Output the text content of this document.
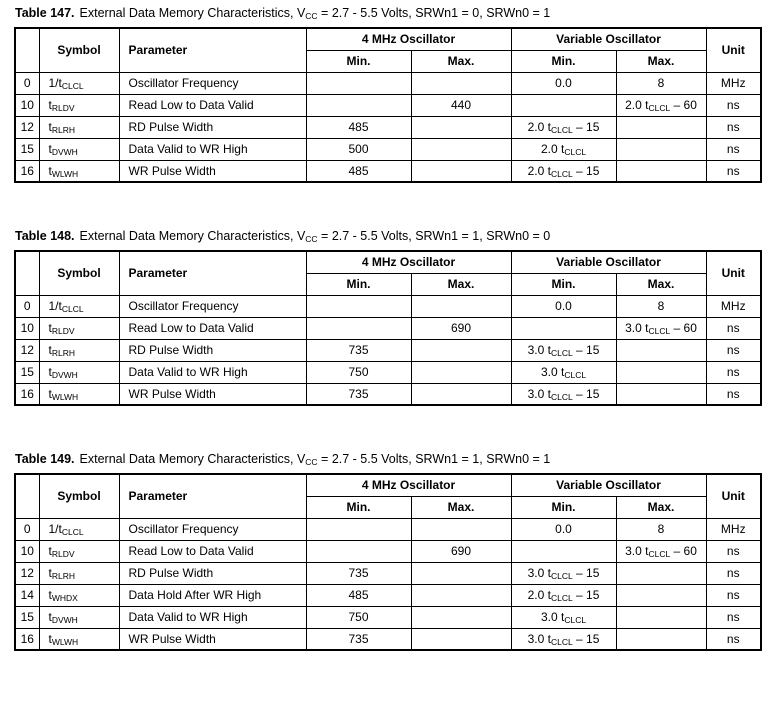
Table 147. External Data Memory Characteristics, $V_{CC} = 2.7 - 5.5$ Volts, SRWn1 = 0, SRWn0 = 1

	Symbol	Parameter	4 MHz Oscillator		Variable Oscillator		Unit
			Min.	Max.	Min.	Max.	
0	$1/t_{CLCL}$	Oscillator Frequency			0.0	8	MHz
10	$t_{RLDV}$	Read Low to Data Valid		440		2.0 $t_{CLCL} - 60$	ns
12	$t_{RLRH}$	RD Pulse Width	485		2.0 $t_{CLCL} - 15$		ns
15	$t_{DVWH}$	Data Valid to WR High	500		2.0 $t_{CLCL}$		ns
16	$t_{WLWH}$	WR Pulse Width	485		2.0 $t_{CLCL} - 15$		ns

Table 148. External Data Memory Characteristics, $V_{CC} = 2.7 - 5.5$ Volts, SRWn1 = 1, SRWn0 = 0

	Symbol	Parameter	4 MHz Oscillator		Variable Oscillator		Unit
			Min.	Max.	Min.	Max.	
0	$1/t_{CLCL}$	Oscillator Frequency			0.0	8	MHz
10	$t_{RLDV}$	Read Low to Data Valid		690		3.0 $t_{CLCL} - 60$	ns
12	$t_{RLRH}$	RD Pulse Width	735		3.0 $t_{CLCL} - 15$		ns
15	$t_{DVWH}$	Data Valid to WR High	750		3.0 $t_{CLCL}$		ns
16	$t_{WLWH}$	WR Pulse Width	735		3.0 $t_{CLCL} - 15$		ns

Table 149. External Data Memory Characteristics, $V_{CC} = 2.7 - 5.5$ Volts, SRWn1 = 1, SRWn0 = 1

	Symbol	Parameter	4 MHz Oscillator		Variable Oscillator		Unit
			Min.	Max.	Min.	Max.	
0	$1/t_{CLCL}$	Oscillator Frequency			0.0	8	MHz
10	$t_{RLDV}$	Read Low to Data Valid		690		3.0 $t_{CLCL} - 60$	ns
12	$t_{RLRH}$	RD Pulse Width	735		3.0 $t_{CLCL} - 15$		ns
14	$t_{WHDX}$	Data Hold After WR High	485		2.0 $t_{CLCL} - 15$		ns
15	$t_{DVWH}$	Data Valid to WR High	750		3.0 $t_{CLCL}$		ns
16	$t_{WLWH}$	WR Pulse Width	735		3.0 $t_{CLCL} - 15$		ns
